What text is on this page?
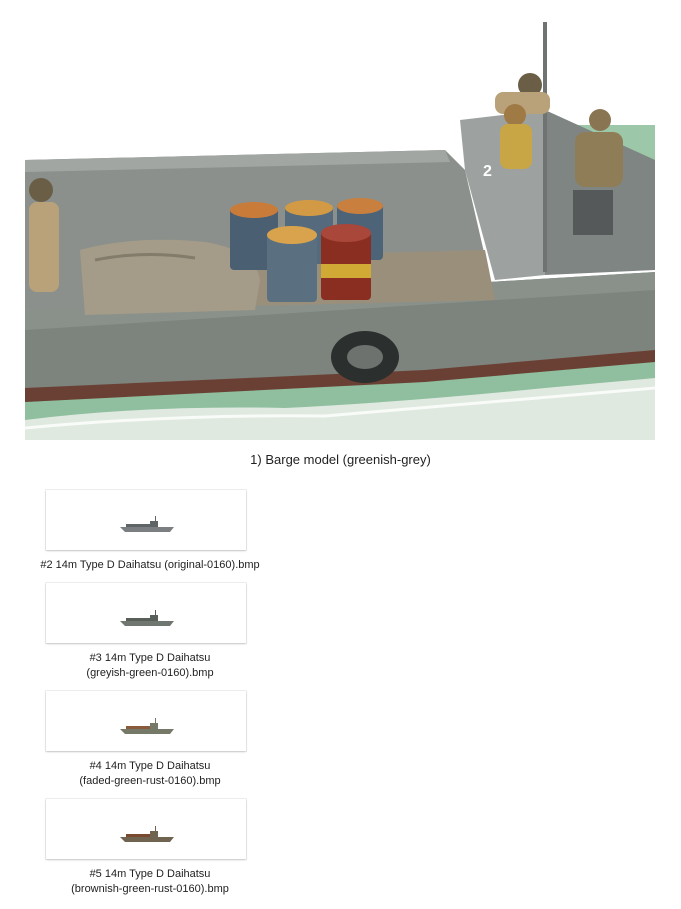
2
1) Barge model (greenish-grey)
#2 14m Type D Daihatsu (original-0160).bmp
#3 14m Type D Daihatsu
(greyish-green-0160).bmp
#4 14m Type D Daihatsu
(faded-green-rust-0160).bmp
#5 14m Type D Daihatsu
(brownish-green-rust-0160).bmp
